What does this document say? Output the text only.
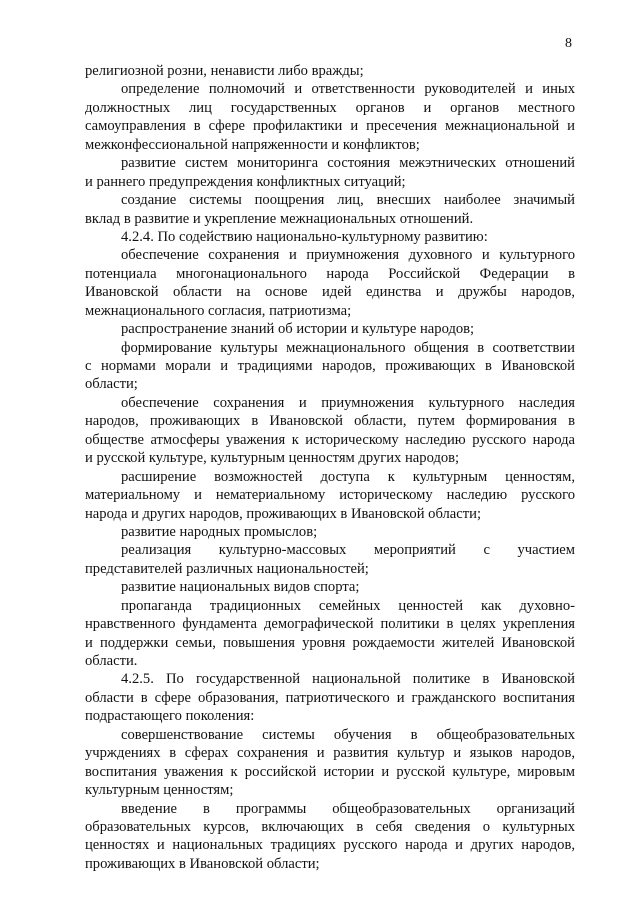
8
религиозной розни, ненависти либо вражды;
определение полномочий и ответственности руководителей и иных
должностных лиц государственных органов и органов местного
самоуправления в сфере профилактики и пресечения межнациональной и
межконфессиональной напряженности и конфликтов;
развитие систем мониторинга состояния межэтнических отношений
и раннего предупреждения конфликтных ситуаций;
создание системы поощрения лиц, внесших наиболее значимый
вклад в развитие и укрепление межнациональных отношений.
4.2.4. По содействию национально-культурному развитию:
обеспечение сохранения и приумножения духовного и культурного
потенциала многонационального народа Российской Федерации в
Ивановской области на основе идей единства и дружбы народов,
межнационального согласия, патриотизма;
распространение знаний об истории и культуре народов;
формирование культуры межнационального общения в соответствии
с нормами морали и традициями народов, проживающих в Ивановской
области;
обеспечение сохранения и приумножения культурного наследия
народов, проживающих в Ивановской области, путем формирования в
обществе атмосферы уважения к историческому наследию русского народа
и русской культуре, культурным ценностям других народов;
расширение возможностей доступа к культурным ценностям,
материальному и нематериальному историческому наследию русского
народа и других народов, проживающих в Ивановской области;
развитие народных промыслов;
реализация культурно-массовых мероприятий с участием
представителей различных национальностей;
развитие национальных видов спорта;
пропаганда традиционных семейных ценностей как духовно-
нравственного фундамента демографической политики в целях укрепления
и поддержки семьи, повышения уровня рождаемости жителей Ивановской
области.
4.2.5. По государственной национальной политике в Ивановской
области в сфере образования, патриотического и гражданского воспитания
подрастающего поколения:
совершенствование системы обучения в общеобразовательных
учрждениях в сферах сохранения и развития культур и языков народов,
воспитания уважения к российской истории и русской культуре, мировым
культурным ценностям;
введение в программы общеобразовательных организаций
образовательных курсов, включающих в себя сведения о культурных
ценностях и национальных традициях русского народа и других народов,
проживающих в Ивановской области;
